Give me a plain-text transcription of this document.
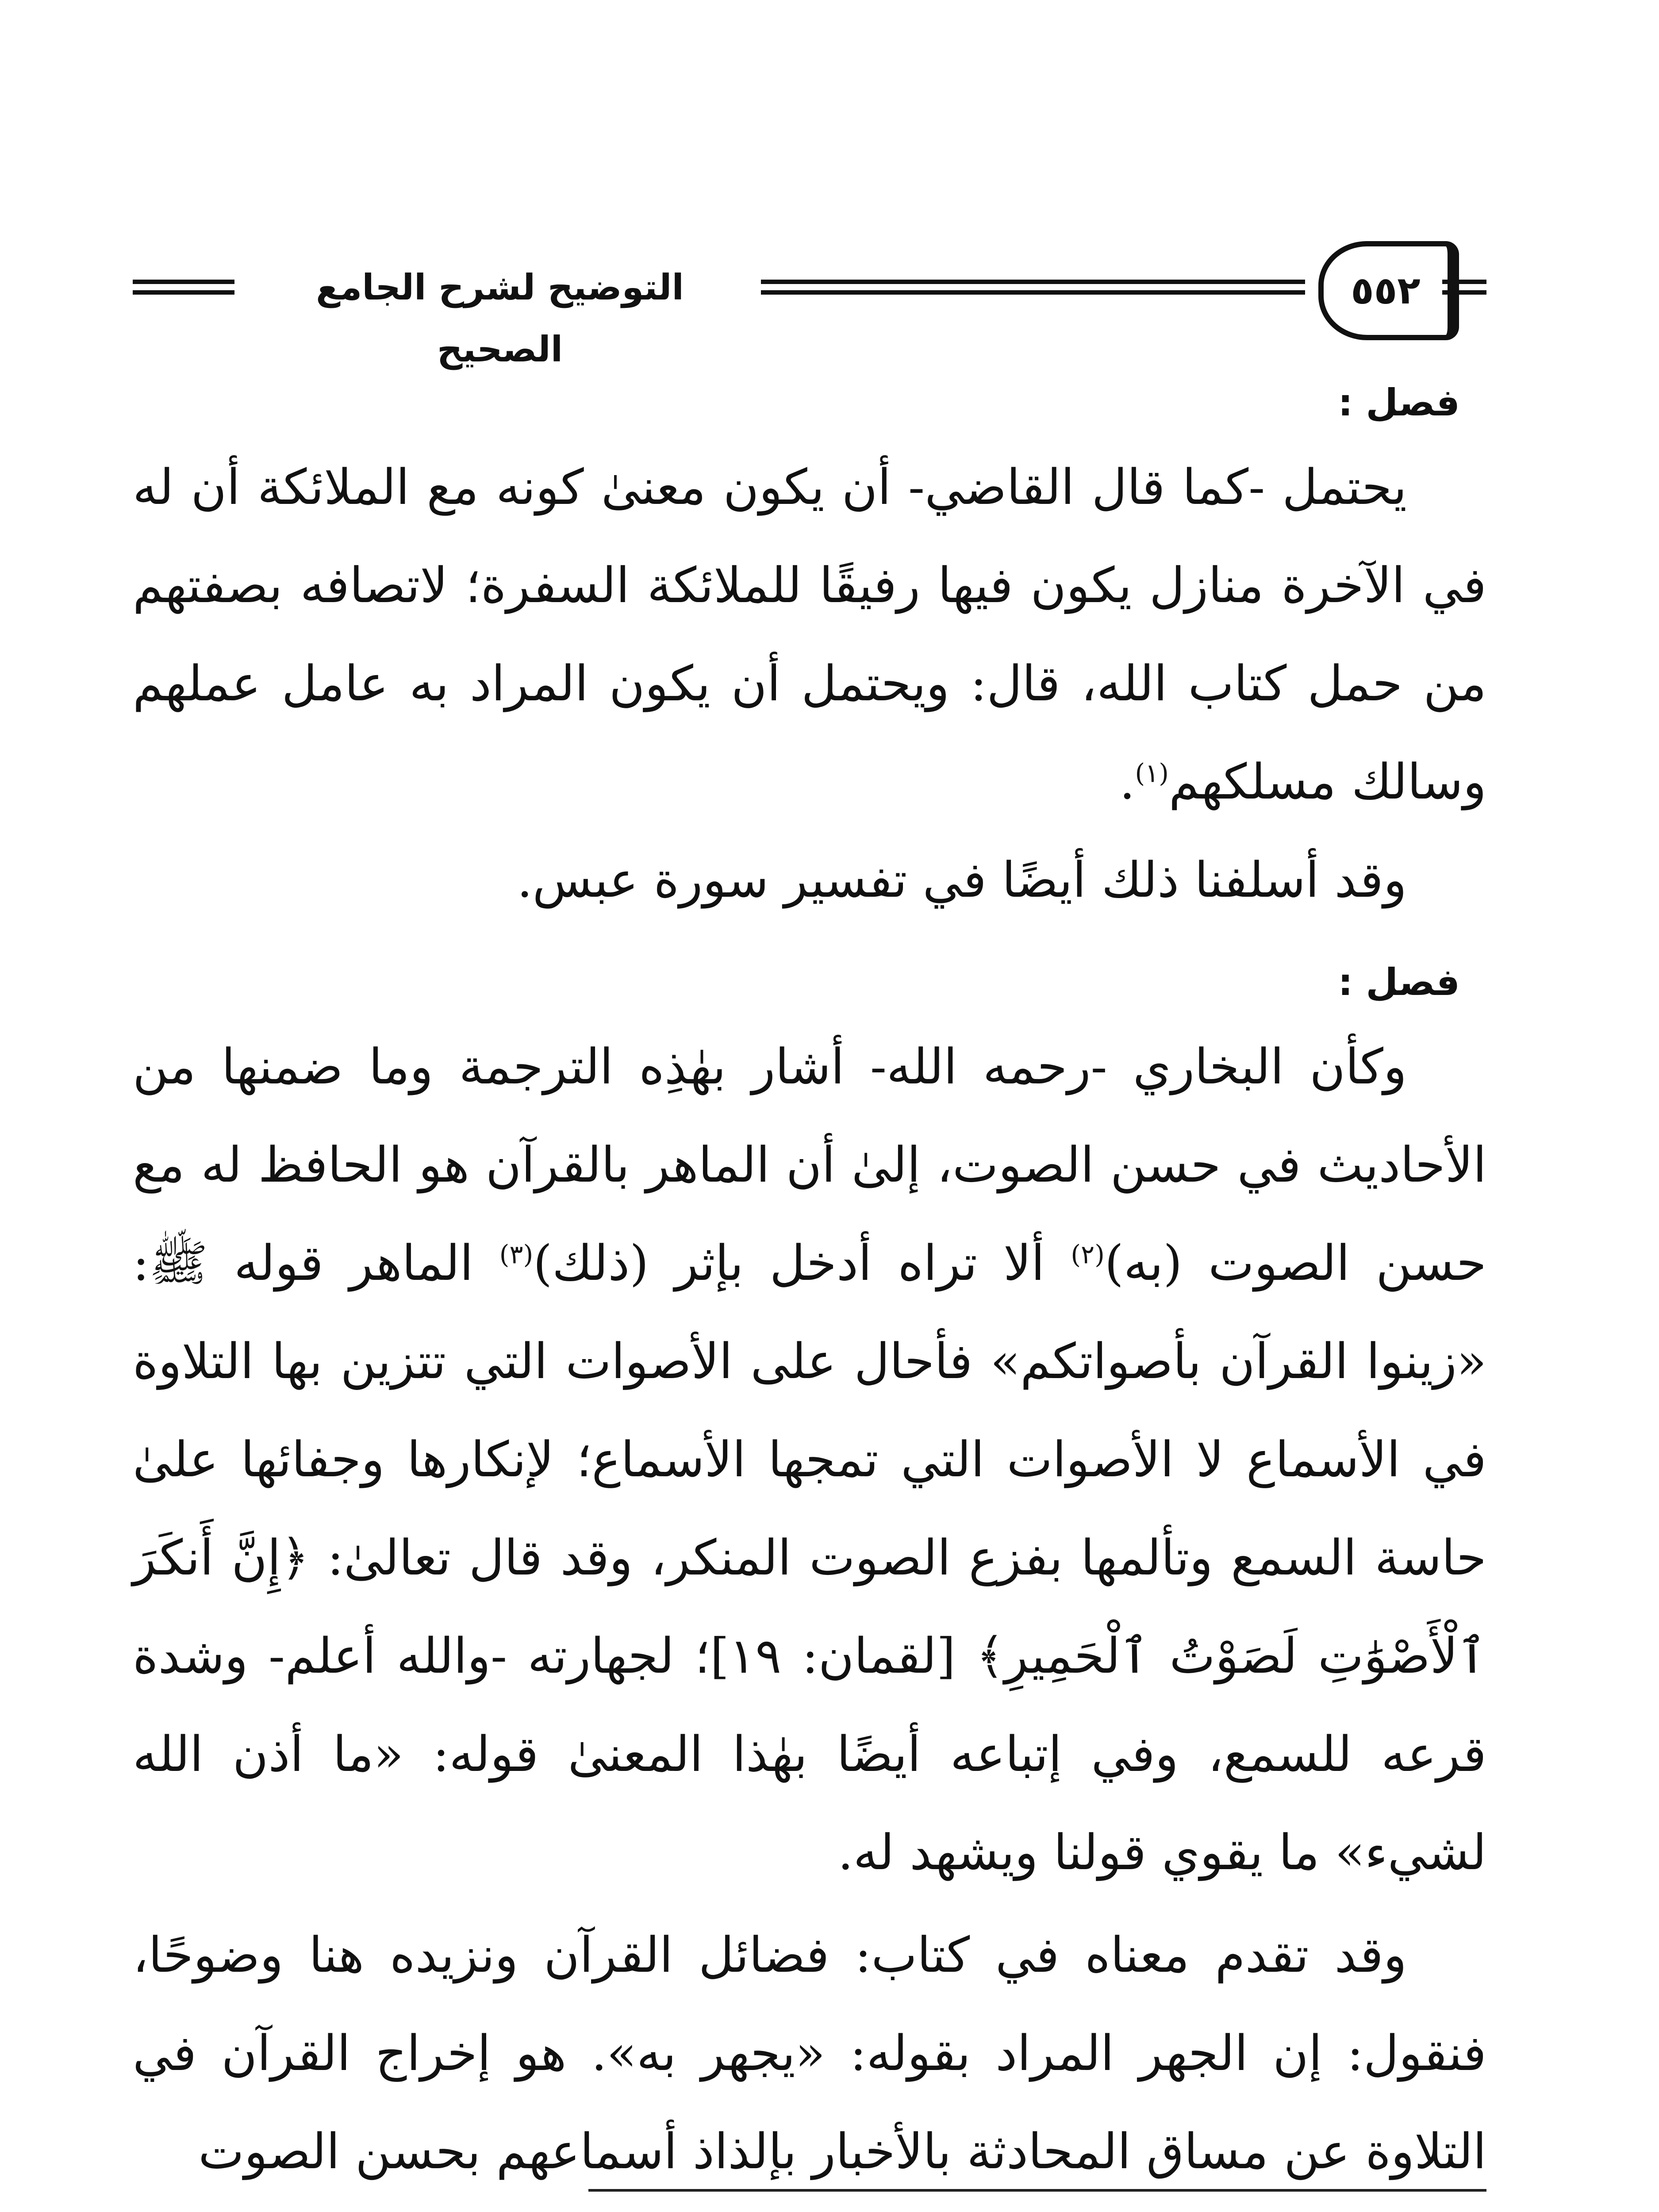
التوضيح لشرح الجامع الصحيح
٥٥٢
فصل :

يحتمل -كما قال القاضي- أن يكون معنىٰ كونه مع الملائكة أن له في الآخرة منازل يكون فيها رفيقًا للملائكة السفرة؛ لاتصافه بصفتهم من حمل كتاب الله، قال: ويحتمل أن يكون المراد به عامل عملهم وسالك مسلكهم$^{(١)}$.

وقد أسلفنا ذلك أيضًا في تفسير سورة عبس.

فصل :

وكأن البخاري -رحمه الله- أشار بهٰذِه الترجمة وما ضمنها من الأحاديث في حسن الصوت، إلىٰ أن الماهر بالقرآن هو الحافظ له مع حسن الصوت (به)$^{(٢)}$ ألا تراه أدخل بإثر (ذلك)$^{(٣)}$ الماهر قوله ﷺ: «زينوا القرآن بأصواتكم» فأحال على الأصوات التي تتزين بها التلاوة في الأسماع لا الأصوات التي تمجها الأسماع؛ لإنكارها وجفائها علىٰ حاسة السمع وتألمها بفزع الصوت المنكر، وقد قال تعالىٰ: ﴿إِنَّ أَنكَرَ ٱلْأَصْوَٰتِ لَصَوْتُ ٱلْحَمِيرِ﴾ [لقمان: ١٩]؛ لجهارته -والله أعلم- وشدة قرعه للسمع، وفي إتباعه أيضًا بهٰذا المعنىٰ قوله: «ما أذن الله لشيء» ما يقوي قولنا ويشهد له.

وقد تقدم معناه في كتاب: فضائل القرآن ونزيده هنا وضوحًا، فنقول: إن الجهر المراد بقوله: «يجهر به». هو إخراج القرآن في التلاوة عن مساق المحادثة بالأخبار بإلذاذ أسماعهم بحسن الصوت
